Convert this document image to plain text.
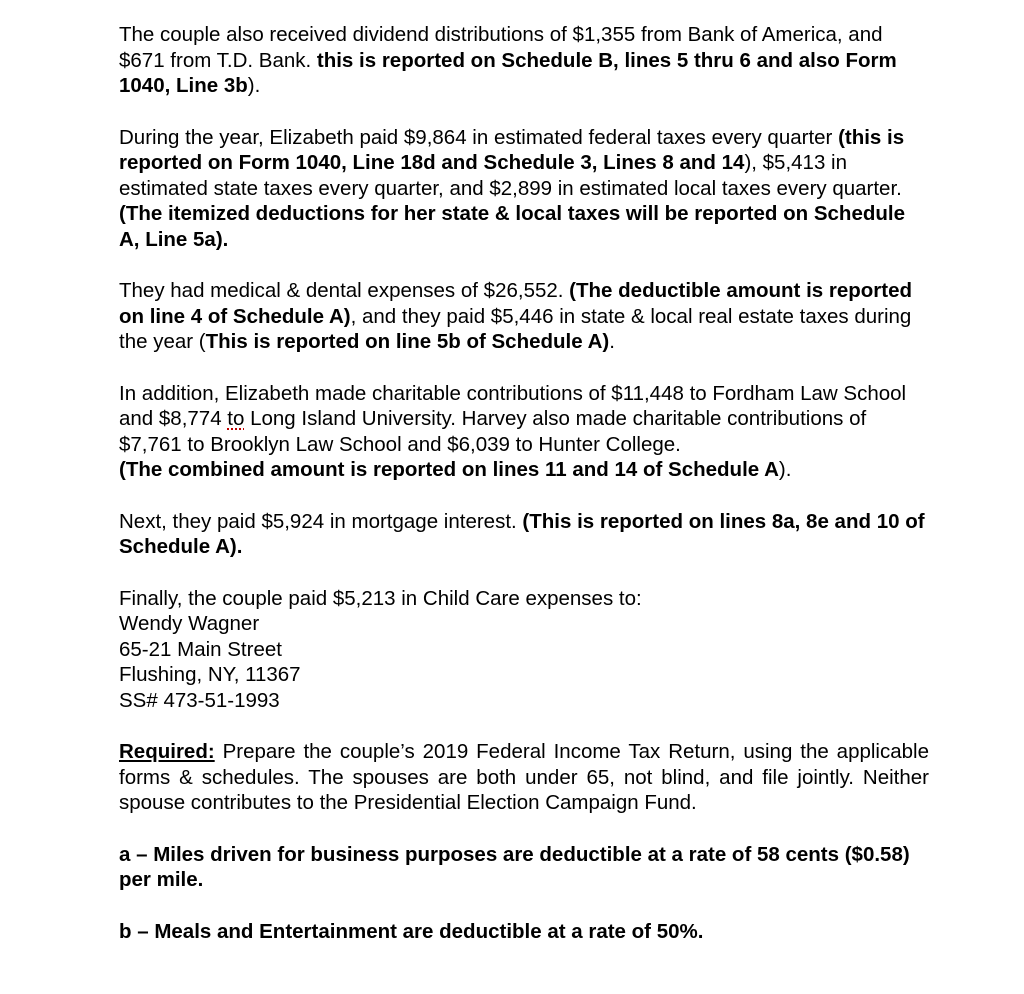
The couple also received dividend distributions of $1,355 from Bank of America, and $671 from T.D. Bank. this is reported on Schedule B, lines 5 thru 6 and also Form 1040, Line 3b).

During the year, Elizabeth paid $9,864 in estimated federal taxes every quarter (this is reported on Form 1040, Line 18d and Schedule 3, Lines 8 and 14), $5,413 in estimated state taxes every quarter, and $2,899 in estimated local taxes every quarter. (The itemized deductions for her state & local taxes will be reported on Schedule A, Line 5a).

They had medical & dental expenses of $26,552. (The deductible amount is reported on line 4 of Schedule A), and they paid $5,446 in state & local real estate taxes during the year (This is reported on line 5b of Schedule A).

In addition, Elizabeth made charitable contributions of $11,448 to Fordham Law School and $8,774 to Long Island University. Harvey also made charitable contributions of $7,761 to Brooklyn Law School and $6,039 to Hunter College.

(The combined amount is reported on lines 11 and 14 of Schedule A).

Next, they paid $5,924 in mortgage interest. (This is reported on lines 8a, 8e and 10 of Schedule A).

Finally, the couple paid $5,213 in Child Care expenses to:

Wendy Wagner

65-21 Main Street

Flushing, NY, 11367

SS# 473-51-1993

Required: Prepare the couple’s 2019 Federal Income Tax Return, using the applicable forms & schedules. The spouses are both under 65, not blind, and file jointly. Neither spouse contributes to the Presidential Election Campaign Fund.

a – Miles driven for business purposes are deductible at a rate of 58 cents ($0.58) per mile.

b – Meals and Entertainment are deductible at a rate of 50%.
